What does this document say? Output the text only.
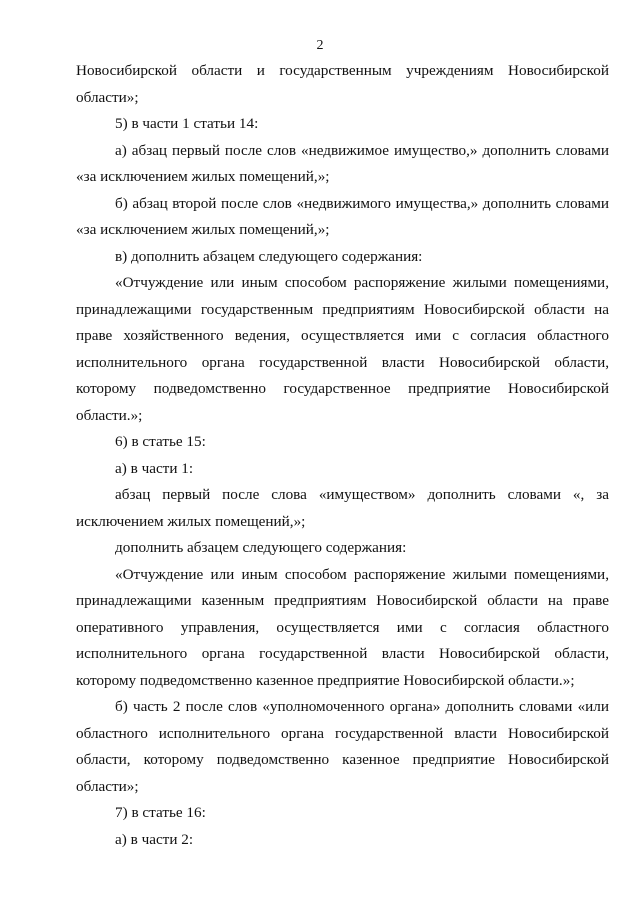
2

Новосибирской области и государственным учреждениям Новосибирской области»;

5) в части 1 статьи 14:

а) абзац первый после слов «недвижимое имущество,» дополнить словами «за исключением жилых помещений,»;

б) абзац второй после слов «недвижимого имущества,» дополнить словами «за исключением жилых помещений,»;

в) дополнить абзацем следующего содержания:

«Отчуждение или иным способом распоряжение жилыми помещениями, принадлежащими государственным предприятиям Новосибирской области на праве хозяйственного ведения, осуществляется ими с согласия областного исполнительного органа государственной власти Новосибирской области, которому подведомственно государственное предприятие Новосибирской области.»;

6) в статье 15:

а) в части 1:

абзац первый после слова «имуществом» дополнить словами «, за исключением жилых помещений,»;

дополнить абзацем следующего содержания:

«Отчуждение или иным способом распоряжение жилыми помещениями, принадлежащими казенным предприятиям Новосибирской области на праве оперативного управления, осуществляется ими с согласия областного исполнительного органа государственной власти Новосибирской области, которому подведомственно казенное предприятие Новосибирской области.»;

б) часть 2 после слов «уполномоченного органа» дополнить словами «или областного исполнительного органа государственной власти Новосибирской области, которому подведомственно казенное предприятие Новосибирской области»;

7) в статье 16:

а) в части 2:
